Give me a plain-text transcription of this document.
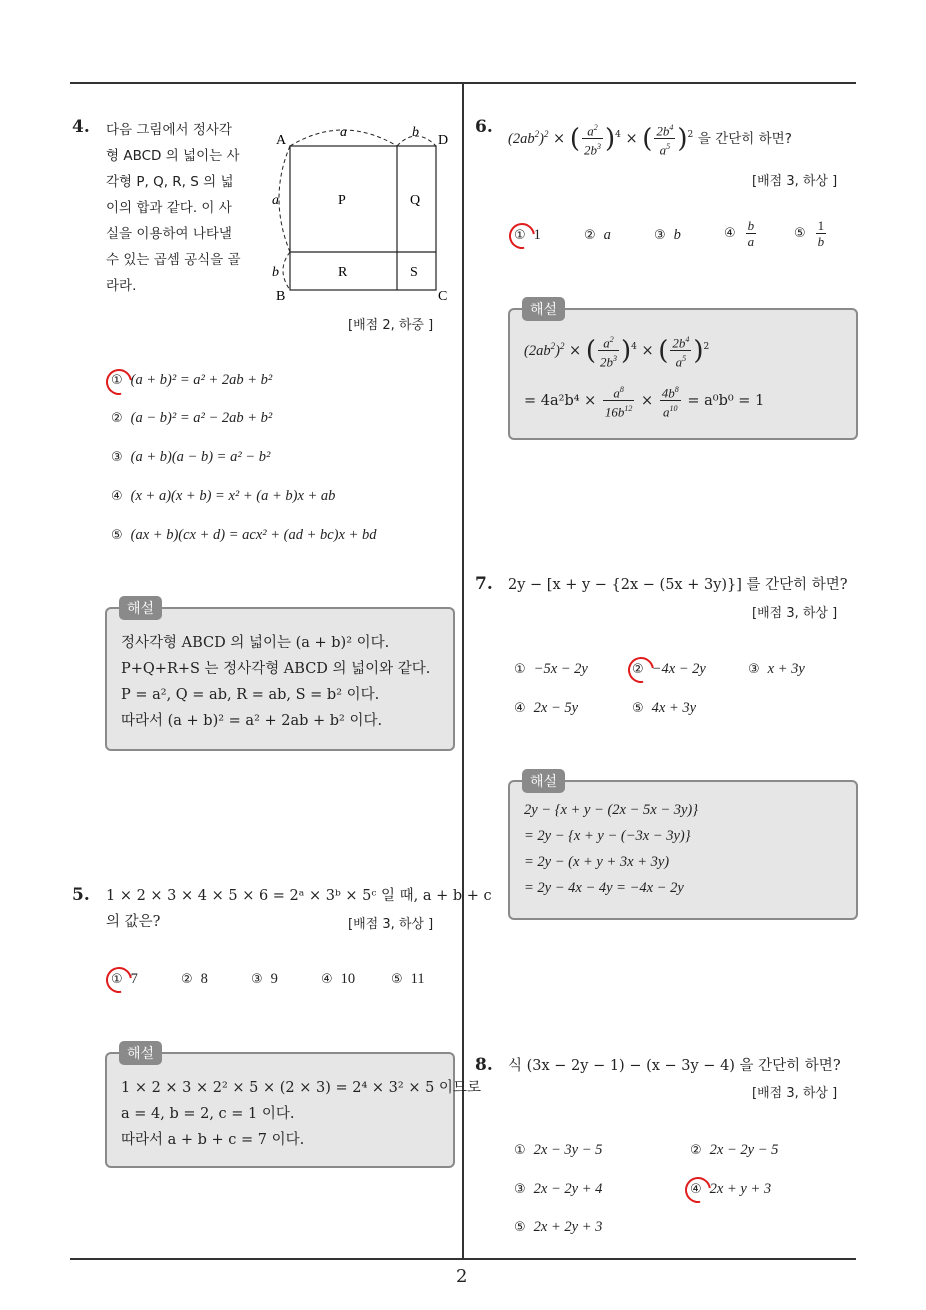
2
4. 다음 그림에서 정사각
형 ABCD 의 넓이는 사
각형 P, Q, R, S 의 넓
이의 합과 같다. 이 사
실을 이용하여 나타낼
수 있는 곱셈 공식을 골
라라.
A	D
B	C
a	b
a
b
P	Q
R	S
[배점 2, 하중 ]
① (a + b)² = a² + 2ab + b²
② (a − b)² = a² − 2ab + b²
③ (a + b)(a − b) = a² − b²
④ (x + a)(x + b) = x² + (a + b)x + ab
⑤ (ax + b)(cx + d) = acx² + (ad + bc)x + bd
해설
정사각형 ABCD 의 넓이는 (a + b)² 이다.
P+Q+R+S 는 정사각형 ABCD 의 넓이와 같다.
P = a², Q = ab, R = ab, S = b² 이다.
따라서 (a + b)² = a² + 2ab + b² 이다.
5. 1 × 2 × 3 × 4 × 5 × 6 = 2ᵃ × 3ᵇ × 5ᶜ 일 때, a + b + c
의 값은?	[배점 3, 하상 ]
① 7	② 8	③ 9	④ 10	⑤ 11
해설
1 × 2 × 3 × 2² × 5 × (2 × 3) = 2⁴ × 3² × 5 이므로
a = 4, b = 2, c = 1 이다.
따라서 a + b + c = 7 이다.
6.
$(2ab^2)^2$ × ( $\frac{a^2}{2b^3} )^4$ × ( $\frac{2b^4}{a^5} )^2$ 을 간단히 하면?
[배점 3, 하상 ]
① 1	② a	③ b	④ $\frac{b}{a}$	⑤ $\frac{1}{b}$
해설
$(2ab^2)^2$ × ( $\frac{a^2}{2b^3} )^4$ × ( $\frac{2b^4}{a^5} )^2$
= $4a^2b^4 \times \frac{a^8}{16b^{12}} \times \frac{4b^8}{a^{10}} = a^0b^0 = 1$
7. 2y − [x + y − {2x − (5x + 3y)}] 를 간단히 하면?
[배점 3, 하상 ]
① −5x − 2y	② −4x − 2y	③ x + 3y
④ 2x − 5y	⑤ 4x + 3y
해설
2y − {x + y − (2x − 5x − 3y)}
= 2y − {x + y − (−3x − 3y)}
= 2y − (x + y + 3x + 3y)
= 2y − 4x − 4y = −4x − 2y
8. 식 (3x − 2y − 1) − (x − 3y − 4) 을 간단히 하면?
[배점 3, 하상 ]
① 2x − 3y − 5	② 2x − 2y − 5
③ 2x − 2y + 4	④ 2x + y + 3
⑤ 2x + 2y + 3
